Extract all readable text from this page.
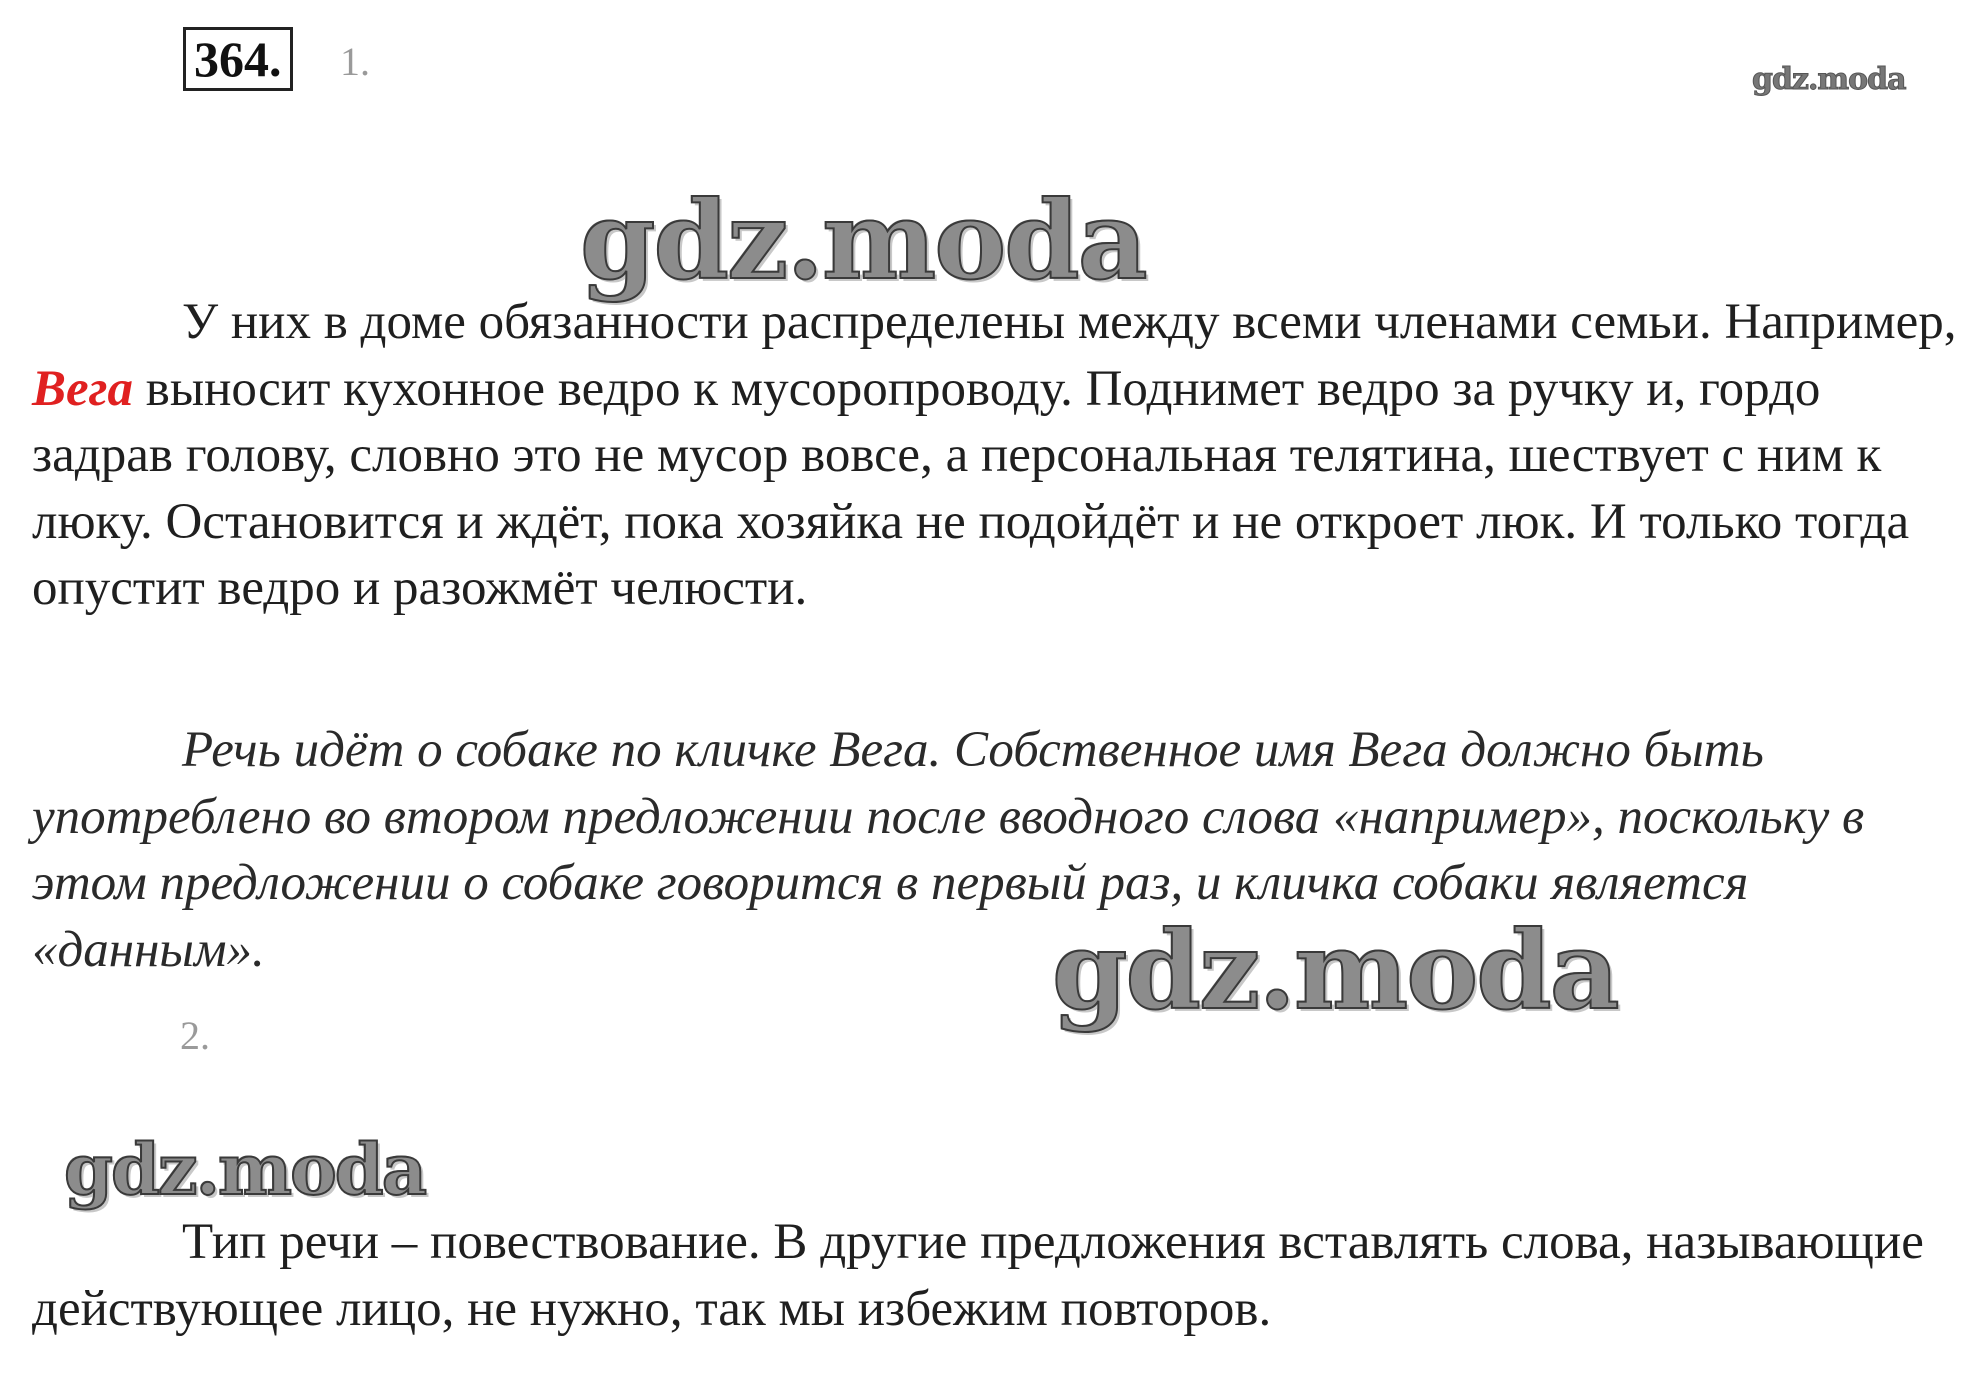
364. 1.	gdz.moda
gdz.moda

У них в доме обязанности распределены между всеми членами семьи. Например, Вега выносит кухонное ведро к мусоропроводу. Поднимет ведро за ручку и, гордо задрав голову, словно это не мусор вовсе, а персональная телятина, шествует с ним к люку. Остановится и ждёт, пока хозяйка не подойдёт и не откроет люк. И только тогда опустит ведро и разожмёт челюсти.

Речь идёт о собаке по кличке Вега. Собственное имя Вега должно быть употреблено во втором предложении после вводного слова «например», поскольку в этом предложении о собаке говорится в первый раз, и кличка собаки является «данным».	gdz.moda
2.
gdz.moda

Тип речи – повествование. В другие предложения вставлять слова, называющие действующее лицо, не нужно, так мы избежим повторов.
